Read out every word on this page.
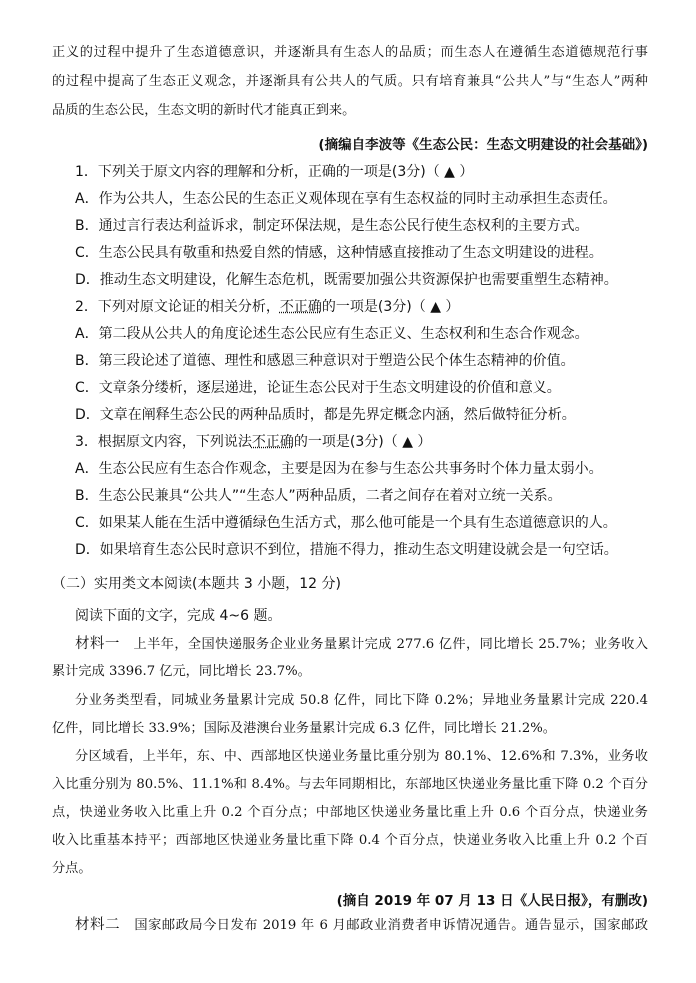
正义的过程中提升了生态道德意识，并逐渐具有生态人的品质；而生态人在遵循生态道德规范行事
的过程中提高了生态正义观念，并逐渐具有公共人的气质。只有培育兼具“公共人”与“生态人”两种
品质的生态公民，生态文明的新时代才能真正到来。
(摘编自李波等《生态公民：生态文明建设的社会基础》)
1．下列关于原文内容的理解和分析，正确的一项是(3分)（ ▲ ）
A．作为公共人，生态公民的生态正义观体现在享有生态权益的同时主动承担生态责任。
B．通过言行表达利益诉求，制定环保法规，是生态公民行使生态权利的主要方式。
C．生态公民具有敬重和热爱自然的情感，这种情感直接推动了生态文明建设的进程。
D．推动生态文明建设，化解生态危机，既需要加强公共资源保护也需要重塑生态精神。
2．下列对原文论证的相关分析，不正确的一项是(3分)（ ▲ ）
A．第二段从公共人的角度论述生态公民应有生态正义、生态权利和生态合作观念。
B．第三段论述了道德、理性和感恩三种意识对于塑造公民个体生态精神的价值。
C．文章条分缕析，逐层递进，论证生态公民对于生态文明建设的价值和意义。
D．文章在阐释生态公民的两种品质时，都是先界定概念内涵，然后做特征分析。
3．根据原文内容，下列说法不正确的一项是(3分)（ ▲ ）
A．生态公民应有生态合作观念，主要是因为在参与生态公共事务时个体力量太弱小。
B．生态公民兼具“公共人”“生态人”两种品质，二者之间存在着对立统一关系。
C．如果某人能在生活中遵循绿色生活方式，那么他可能是一个具有生态道德意识的人。
D．如果培育生态公民时意识不到位，措施不得力，推动生态文明建设就会是一句空话。
（二）实用类文本阅读(本题共 3 小题，12 分)
阅读下面的文字，完成 4~6 题。
材料一 上半年，全国快递服务企业业务量累计完成 277.6 亿件，同比增长 25.7%；业务收入
累计完成 3396.7 亿元，同比增长 23.7%。
分业务类型看，同城业务量累计完成 50.8 亿件，同比下降 0.2%；异地业务量累计完成 220.4
亿件，同比增长 33.9%；国际及港澳台业务量累计完成 6.3 亿件，同比增长 21.2%。
分区域看，上半年，东、中、西部地区快递业务量比重分别为 80.1%、12.6%和 7.3%，业务收
入比重分别为 80.5%、11.1%和 8.4%。与去年同期相比，东部地区快递业务量比重下降 0.2 个百分
点，快递业务收入比重上升 0.2 个百分点；中部地区快递业务量比重上升 0.6 个百分点，快递业务
收入比重基本持平；西部地区快递业务量比重下降 0.4 个百分点，快递业务收入比重上升 0.2 个百
分点。
(摘自 2019 年 07 月 13 日《人民日报》，有删改)
材料二 国家邮政局今日发布 2019 年 6 月邮政业消费者申诉情况通告。通告显示，国家邮政
